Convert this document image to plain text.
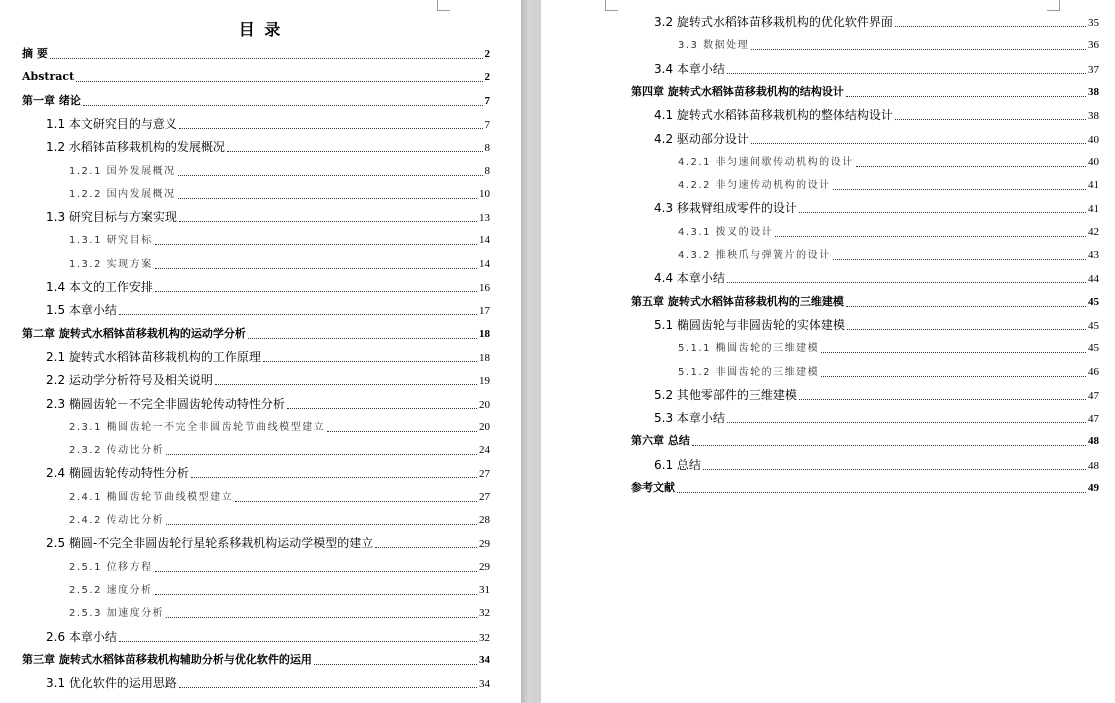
目 录
摘 要	2
Abstract	2
第一章 绪论	7
1.1 本文研究目的与意义	7
1.2 水稻钵苗移栽机构的发展概况	8
1.2.1 国外发展概况	8
1.2.2 国内发展概况	10
1.3 研究目标与方案实现	13
1.3.1 研究目标	14
1.3.2 实现方案	14
1.4 本文的工作安排	16
1.5 本章小结	17
第二章 旋转式水稻钵苗移栽机构的运动学分析	18
2.1 旋转式水稻钵苗移栽机构的工作原理	18
2.2 运动学分析符号及相关说明	19
2.3 椭圆齿轮－不完全非圆齿轮传动特性分析	20
2.3.1 椭圆齿轮一不完全非圆齿轮节曲线模型建立	20
2.3.2 传动比分析	24
2.4 椭圆齿轮传动特性分析	27
2.4.1 椭圆齿轮节曲线模型建立	27
2.4.2 传动比分析	28
2.5 椭圆-不完全非圆齿轮行星轮系移栽机构运动学模型的建立	29
2.5.1 位移方程	29
2.5.2 速度分析	31
2.5.3 加速度分析	32
2.6 本章小结	32
第三章 旋转式水稻钵苗移栽机构辅助分析与优化软件的运用	34
3.1 优化软件的运用思路	34
3.2 旋转式水稻钵苗移栽机构的优化软件界面	35
3.3 数据处理	36
3.4 本章小结	37
第四章 旋转式水稻钵苗移栽机构的结构设计	38
4.1 旋转式水稻钵苗移栽机构的整体结构设计	38
4.2 驱动部分设计	40
4.2.1 非匀速间歇传动机构的设计	40
4.2.2 非匀速传动机构的设计	41
4.3 移栽臂组成零件的设计	41
4.3.1 拨叉的设计	42
4.3.2 推秧爪与弹簧片的设计	43
4.4 本章小结	44
第五章 旋转式水稻钵苗移栽机构的三维建模	45
5.1 椭圆齿轮与非圆齿轮的实体建模	45
5.1.1 椭圆齿轮的三维建模	45
5.1.2 非圆齿轮的三维建模	46
5.2 其他零部件的三维建模	47
5.3 本章小结	47
第六章 总结	48
6.1 总结	48
参考文献	49
